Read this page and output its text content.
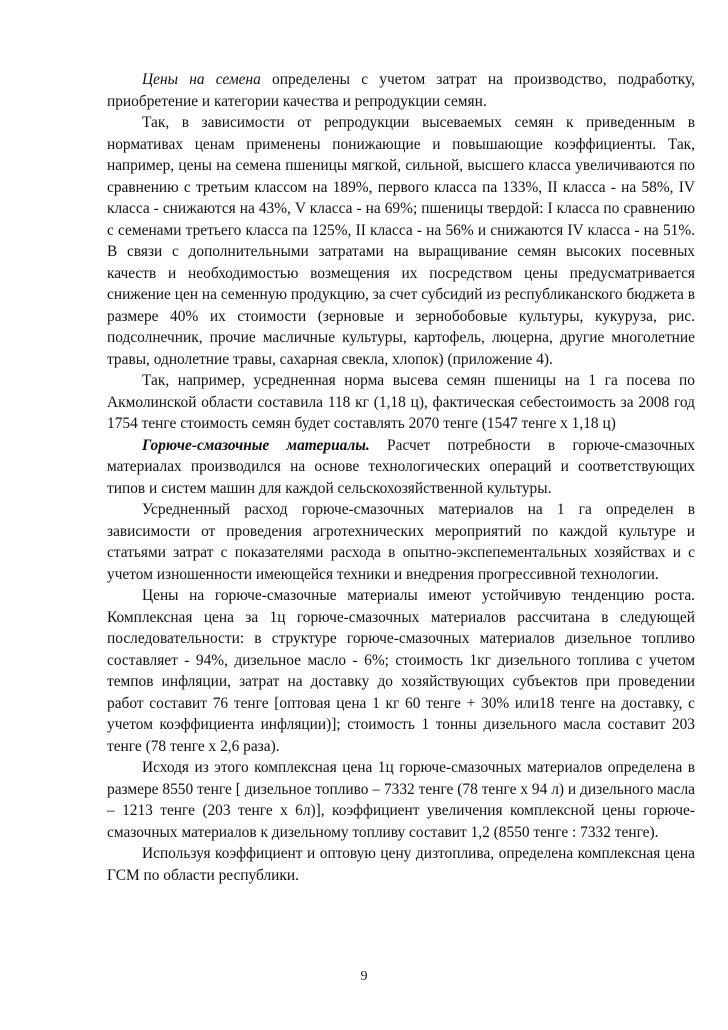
Цены на семена определены с учетом затрат на производство, подработку, приобретение и категории качества и репродукции семян.

Так, в зависимости от репродукции высеваемых семян к приведенным в нормативах ценам применены понижающие и повышающие коэффициенты. Так, например, цены на семена пшеницы мягкой, сильной, высшего класса увеличиваются по сравнению с третьим классом на 189%, первого класса па 133%, II класса - на 58%, IV класса - снижаются на 43%, V класса - на 69%; пшеницы твердой: I класса по сравнению с семенами третьего класса па 125%, II класса - на 56% и снижаются IV класса - на 51%. В связи с дополнительными затратами на выращивание семян высоких посевных качеств и необходимостью возмещения их посредством цены предусматривается снижение цен на семенную продукцию, за счет субсидий из республиканского бюджета в размере 40% их стоимости (зерновые и зернобобовые культуры, кукуруза, рис. подсолнечник, прочие масличные культуры, картофель, люцерна, другие многолетние травы, однолетние травы, сахарная свекла, хлопок) (приложение 4).

Так, например, усредненная норма высева семян пшеницы на 1 га посева по Акмолинской области составила 118 кг (1,18 ц), фактическая себестоимость за 2008 год 1754 тенге стоимость семян будет составлять 2070 тенге (1547 тенге х 1,18 ц)

Горюче-смазочные материалы. Расчет потребности в горюче-смазочных материалах производился на основе технологических операций и соответствующих типов и систем машин для каждой сельскохозяйственной культуры.

Усредненный расход горюче-смазочных материалов на 1 га определен в зависимости от проведения агротехнических мероприятий по каждой культуре и статьями затрат с показателями расхода в опытно-экспепементальных хозяйствах и с учетом изношенности имеющейся техники и внедрения прогрессивной технологии.

Цены на горюче-смазочные материалы имеют устойчивую тенденцию роста. Комплексная цена за 1ц горюче-смазочных материалов рассчитана в следующей последовательности: в структуре горюче-смазочных материалов дизельное топливо составляет - 94%, дизельное масло - 6%; стоимость 1кг дизельного топлива с учетом темпов инфляции, затрат на доставку до хозяйствующих субъектов при проведении работ составит 76 тенге [оптовая цена 1 кг 60 тенге + 30% или18 тенге на доставку, с учетом коэффициента инфляции)]; стоимость 1 тонны дизельного масла составит 203 тенге (78 тенге х 2,6 раза).

Исходя из этого комплексная цена 1ц горюче-смазочных материалов определена в размере 8550 тенге [ дизельное топливо – 7332 тенге (78 тенге х 94 л) и дизельного масла – 1213 тенге (203 тенге х 6л)], коэффициент увеличения комплексной цены горюче-смазочных материалов к дизельному топливу составит 1,2 (8550 тенге : 7332 тенге).

Используя коэффициент и оптовую цену дизтоплива, определена комплексная цена ГСМ по области республики.

9
